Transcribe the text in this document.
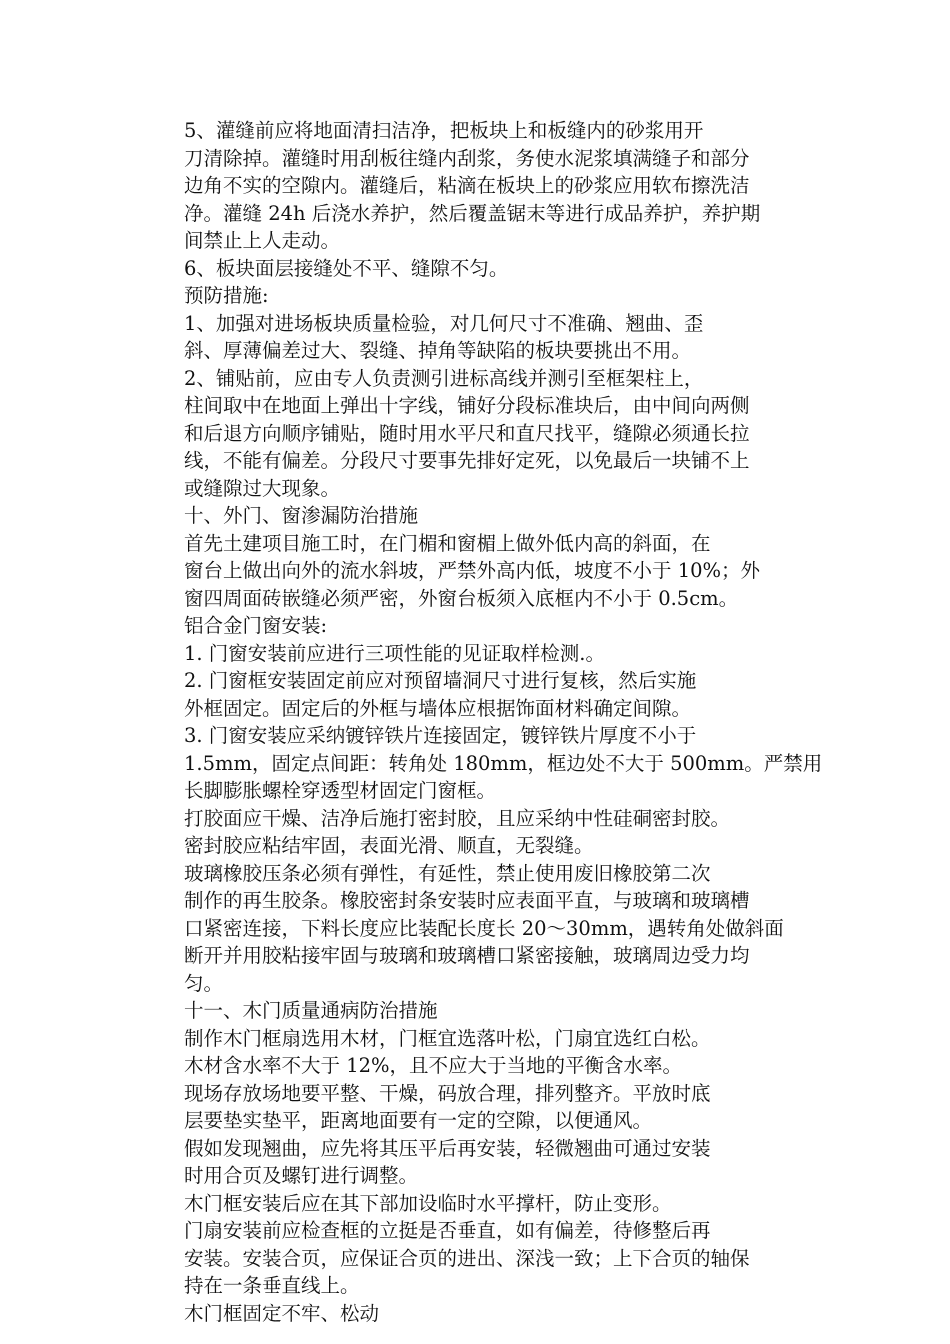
5、灌缝前应将地面清扫洁净，把板块上和板缝内的砂浆用开
刀清除掉。灌缝时用刮板往缝内刮浆，务使水泥浆填满缝子和部分
边角不实的空隙内。灌缝后，粘滴在板块上的砂浆应用软布擦洗洁
净。灌缝 24h 后浇水养护，然后覆盖锯末等进行成品养护，养护期
间禁止上人走动。

6、板块面层接缝处不平、缝隙不匀。

预防措施:

1、加强对进场板块质量检验，对几何尺寸不准确、翘曲、歪
斜、厚薄偏差过大、裂缝、掉角等缺陷的板块要挑出不用。

2、铺贴前，应由专人负责测引进标高线并测引至框架柱上，
柱间取中在地面上弹出十字线，铺好分段标准块后，由中间向两侧
和后退方向顺序铺贴，随时用水平尺和直尺找平，缝隙必须通长拉
线，不能有偏差。分段尺寸要事先排好定死，以免最后一块铺不上
或缝隙过大现象。

十、外门、窗渗漏防治措施

首先土建项目施工时，在门楣和窗楣上做外低内高的斜面，在
窗台上做出向外的流水斜坡，严禁外高内低，坡度不小于 10%；外
窗四周面砖嵌缝必须严密，外窗台板须入底框内不小于 0.5cm。

铝合金门窗安装:

1. 门窗安装前应进行三项性能的见证取样检测.。

2. 门窗框安装固定前应对预留墙洞尺寸进行复核，然后实施
外框固定。固定后的外框与墙体应根据饰面材料确定间隙。

3. 门窗安装应采纳镀锌铁片连接固定，镀锌铁片厚度不小于
1.5mm，固定点间距：转角处 180mm，框边处不大于 500mm。严禁用
长脚膨胀螺栓穿透型材固定门窗框。

打胶面应干燥、洁净后施打密封胶，且应采纳中性硅硐密封胶。
密封胶应粘结牢固，表面光滑、顺直，无裂缝。

玻璃橡胶压条必须有弹性，有延性，禁止使用废旧橡胶第二次
制作的再生胶条。橡胶密封条安装时应表面平直，与玻璃和玻璃槽
口紧密连接，下料长度应比装配长度长 20～30mm，遇转角处做斜面
断开并用胶粘接牢固与玻璃和玻璃槽口紧密接触，玻璃周边受力均
匀。

十一、木门质量通病防治措施

制作木门框扇选用木材，门框宜选落叶松，门扇宜选红白松。
木材含水率不大于 12%，且不应大于当地的平衡含水率。

现场存放场地要平整、干燥，码放合理，排列整齐。平放时底
层要垫实垫平，距离地面要有一定的空隙，以便通风。

假如发现翘曲，应先将其压平后再安装，轻微翘曲可通过安装
时用合页及螺钉进行调整。

木门框安装后应在其下部加设临时水平撑杆，防止变形。

门扇安装前应检查框的立挺是否垂直，如有偏差，待修整后再
安装。安装合页，应保证合页的进出、深浅一致；上下合页的轴保
持在一条垂直线上。

木门框固定不牢、松动
